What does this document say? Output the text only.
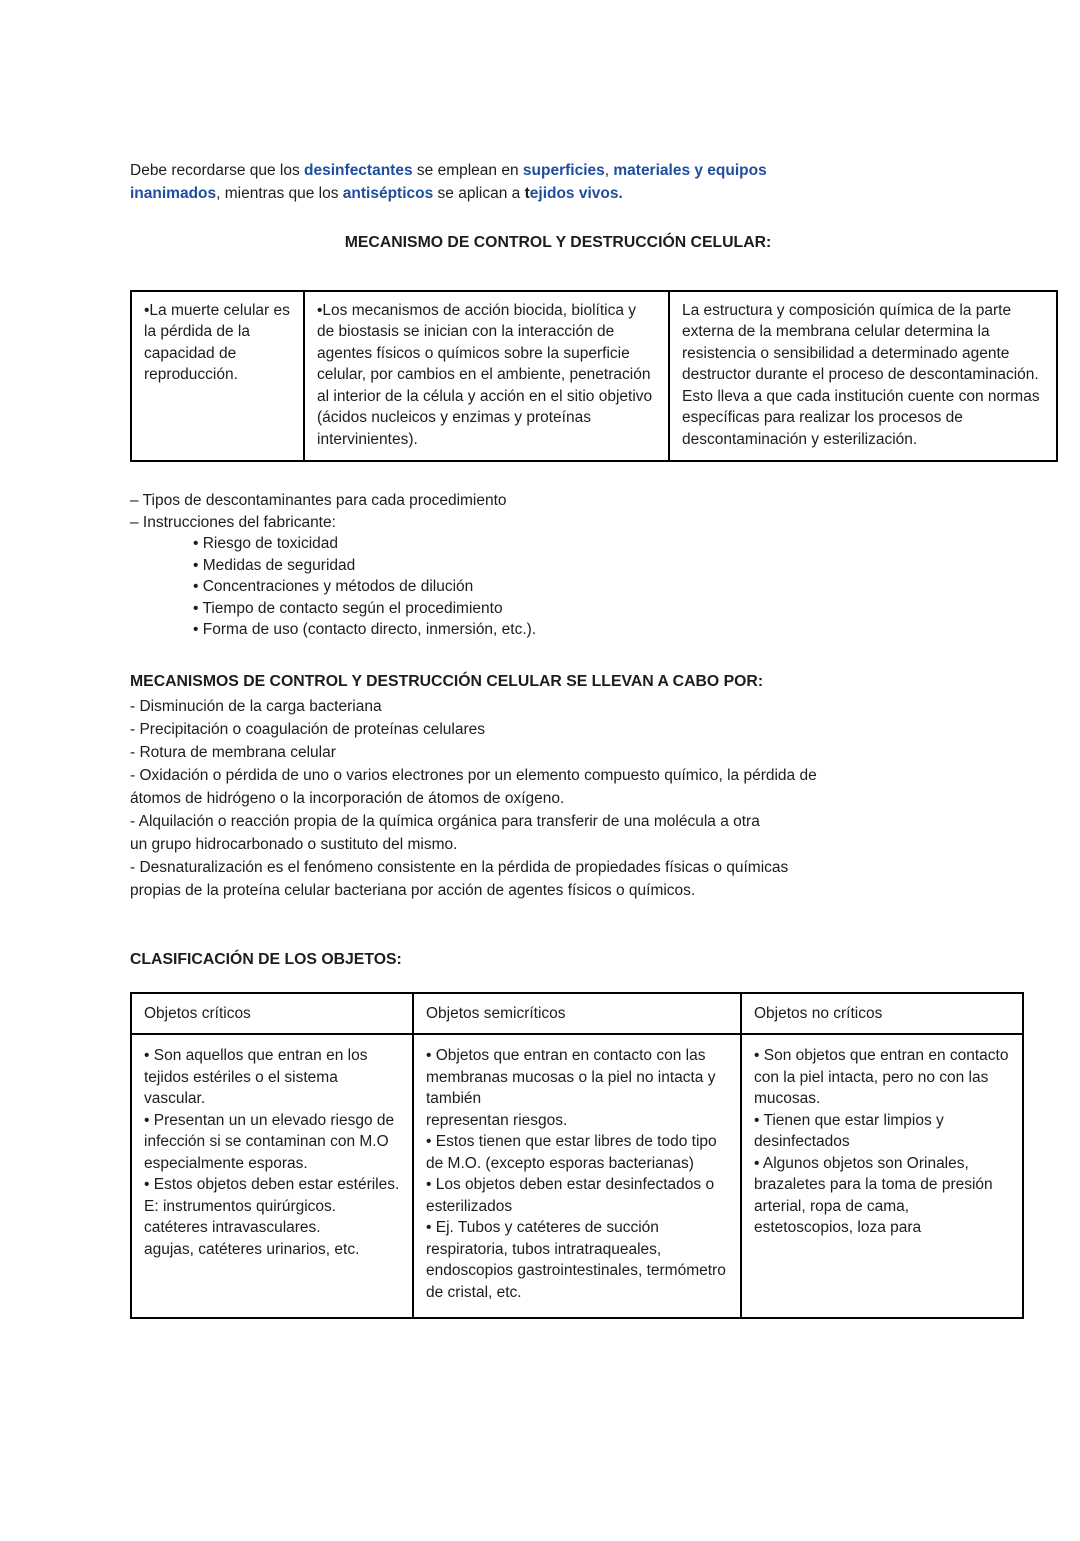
Debe recordarse que los desinfectantes se emplean en superficies, materiales y equipos
inanimados, mientras que los antisépticos se aplican a tejidos vivos.

MECANISMO DE CONTROL Y DESTRUCCIÓN CELULAR:
•La muerte celular es la pérdida de la capacidad de reproducción.	•Los mecanismos de acción biocida, biolítica y de biostasis se inician con la interacción de agentes físicos o químicos sobre la superficie celular, por cambios en el ambiente, penetración al interior de la célula y acción en el sitio objetivo (ácidos nucleicos y enzimas y proteínas intervinientes).	La estructura y composición química de la parte externa de la membrana celular determina la resistencia o sensibilidad a determinado agente destructor durante el proceso de descontaminación. Esto lleva a que cada institución cuente con normas específicas para realizar los procesos de descontaminación y esterilización.
– Tipos de descontaminantes para cada procedimiento
– Instrucciones del fabricante:
• Riesgo de toxicidad
• Medidas de seguridad
• Concentraciones y métodos de dilución
• Tiempo de contacto según el procedimiento
• Forma de uso (contacto directo, inmersión, etc.).
MECANISMOS DE CONTROL Y DESTRUCCIÓN CELULAR SE LLEVAN A CABO POR:
- Disminución de la carga bacteriana
- Precipitación o coagulación de proteínas celulares
- Rotura de membrana celular
- Oxidación o pérdida de uno o varios electrones por un elemento compuesto químico, la pérdida de
átomos de hidrógeno o la incorporación de átomos de oxígeno.
- Alquilación o reacción propia de la química orgánica para transferir de una molécula a otra
un grupo hidrocarbonado o sustituto del mismo.
- Desnaturalización es el fenómeno consistente en la pérdida de propiedades físicas o químicas
propias de la proteína celular bacteriana por acción de agentes físicos o químicos.
CLASIFICACIÓN DE LOS OBJETOS:
Objetos críticos	Objetos semicríticos	Objetos no críticos

• Son aquellos que entran en los tejidos estériles o el sistema vascular.
• Presentan un un elevado riesgo de infección si se contaminan con M.O especialmente esporas.
• Estos objetos deben estar estériles. E: instrumentos quirúrgicos. catéteres intravasculares.
agujas, catéteres urinarios, etc.

• Objetos que entran en contacto con las membranas mucosas o la piel no intacta y también
representan riesgos.
• Estos tienen que estar libres de todo tipo de M.O. (excepto esporas bacterianas)
• Los objetos deben estar desinfectados o
esterilizados
• Ej. Tubos y catéteres de succión respiratoria, tubos intratraqueales, endoscopios gastrointestinales, termómetro de cristal, etc.

• Son objetos que entran en contacto con la piel intacta, pero no con las mucosas.
• Tienen que estar limpios y desinfectados
• Algunos objetos son Orinales, brazaletes para la toma de presión arterial, ropa de cama, estetoscopios, loza para
